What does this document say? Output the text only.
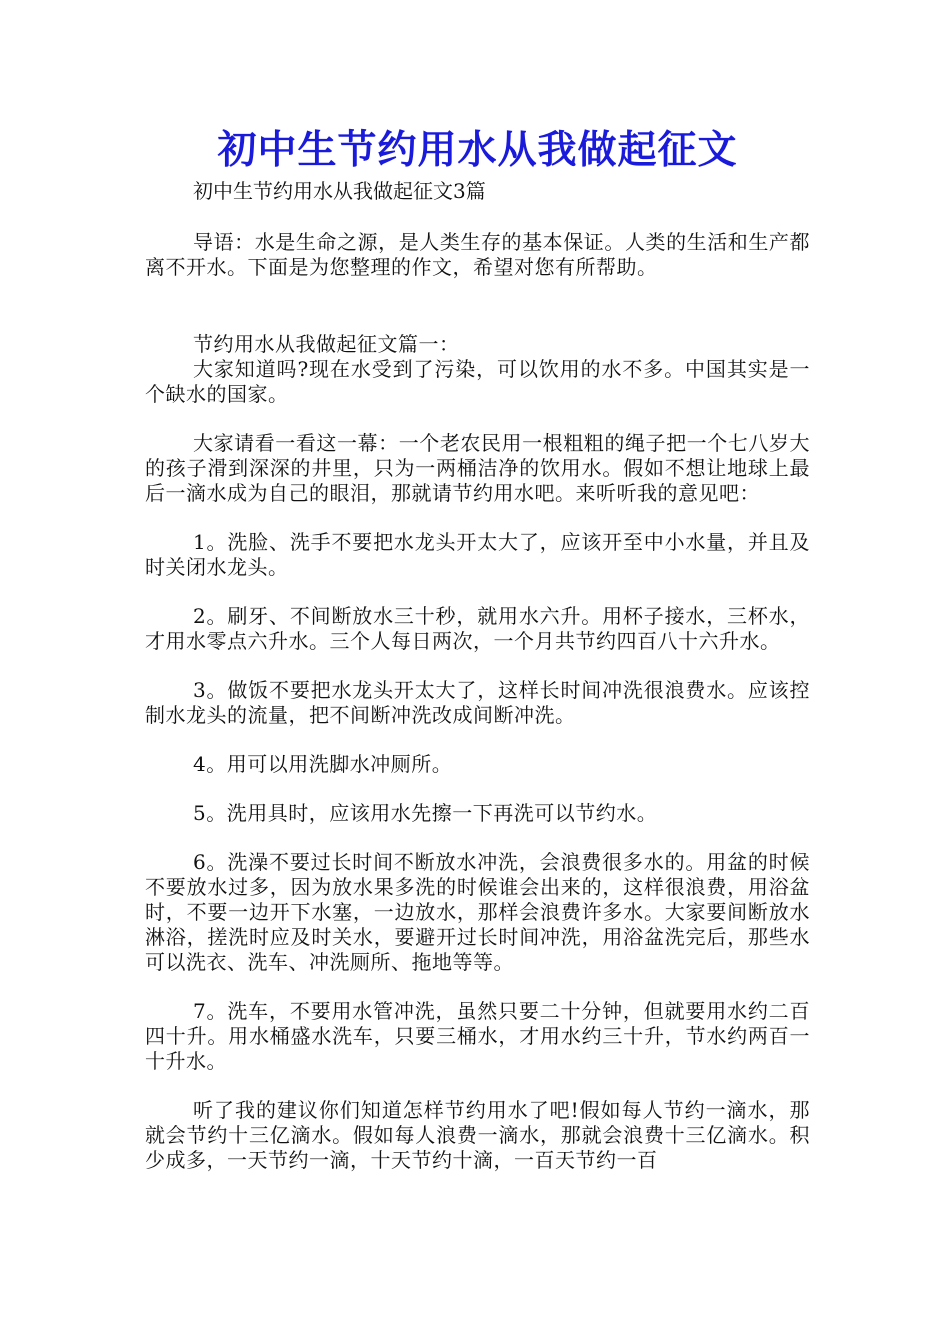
初中生节约用水从我做起征文

初中生节约用水从我做起征文3篇

导语：水是生命之源，是人类生存的基本保证。人类的生活和生产都离不开水。下面是为您整理的作文，希望对您有所帮助。

节约用水从我做起征文篇一：

大家知道吗?现在水受到了污染，可以饮用的水不多。中国其实是一个缺水的国家。

大家请看一看这一幕：一个老农民用一根粗粗的绳子把一个七八岁大的孩子滑到深深的井里，只为一两桶洁净的饮用水。假如不想让地球上最后一滴水成为自己的眼泪，那就请节约用水吧。来听听我的意见吧：

1。洗脸、洗手不要把水龙头开太大了，应该开至中小水量，并且及时关闭水龙头。

2。刷牙、不间断放水三十秒，就用水六升。用杯子接水，三杯水，才用水零点六升水。三个人每日两次，一个月共节约四百八十六升水。

3。做饭不要把水龙头开太大了，这样长时间冲洗很浪费水。应该控制水龙头的流量，把不间断冲洗改成间断冲洗。

4。用可以用洗脚水冲厕所。

5。洗用具时，应该用水先擦一下再洗可以节约水。

6。洗澡不要过长时间不断放水冲洗，会浪费很多水的。用盆的时候不要放水过多，因为放水果多洗的时候谁会出来的，这样很浪费，用浴盆时，不要一边开下水塞，一边放水，那样会浪费许多水。大家要间断放水淋浴，搓洗时应及时关水，要避开过长时间冲洗，用浴盆洗完后，那些水可以洗衣、洗车、冲洗厕所、拖地等等。

7。洗车，不要用水管冲洗，虽然只要二十分钟，但就要用水约二百四十升。用水桶盛水洗车，只要三桶水，才用水约三十升，节水约两百一十升水。

听了我的建议你们知道怎样节约用水了吧!假如每人节约一滴水，那就会节约十三亿滴水。假如每人浪费一滴水，那就会浪费十三亿滴水。积少成多，一天节约一滴，十天节约十滴，一百天节约一百
